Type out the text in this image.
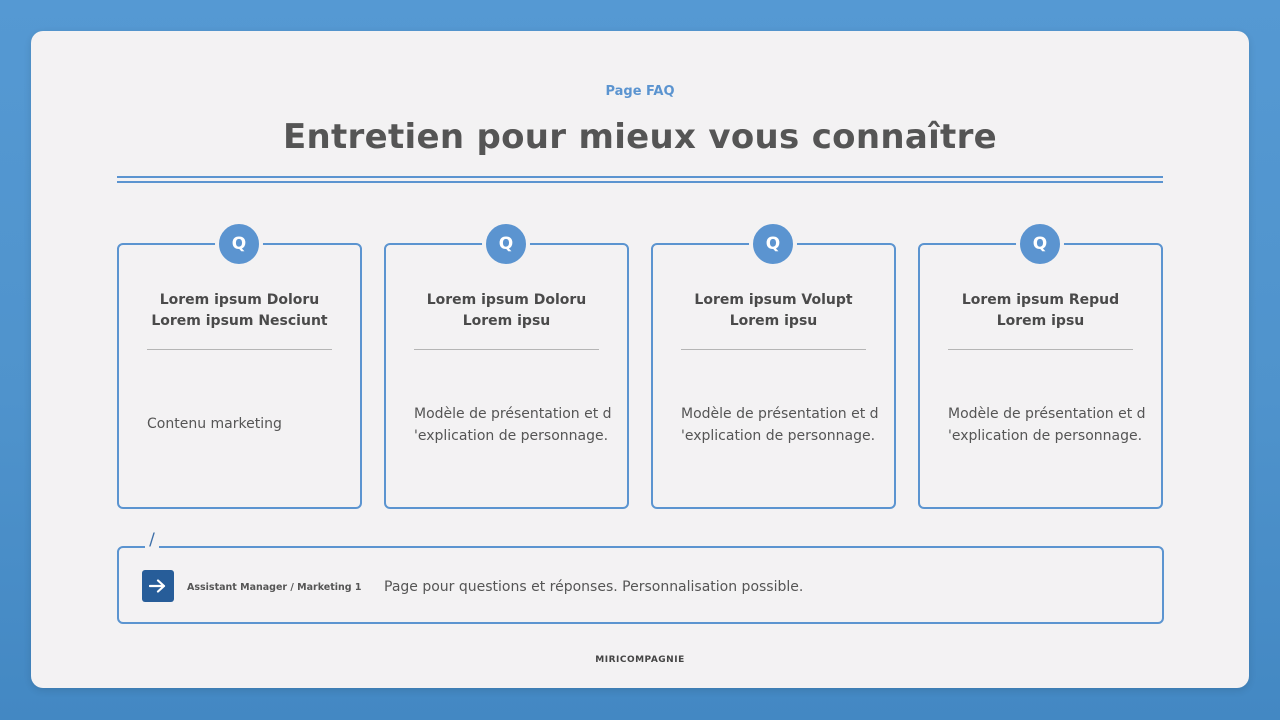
Page FAQ
Entretien pour mieux vous connaître
Q
Lorem ipsum Doloru
Lorem ipsum Nesciunt
Contenu marketing
Q
Lorem ipsum Doloru
Lorem ipsu
Modèle de présentation et d
'explication de personnage.
Q
Lorem ipsum Volupt
Lorem ipsu
Modèle de présentation et d
'explication de personnage.
Q
Lorem ipsum Repud
Lorem ipsu
Modèle de présentation et d
'explication de personnage.
Assistant Manager / Marketing 1 Page pour questions et réponses. Personnalisation possible.
/
MIRICOMPAGNIE
